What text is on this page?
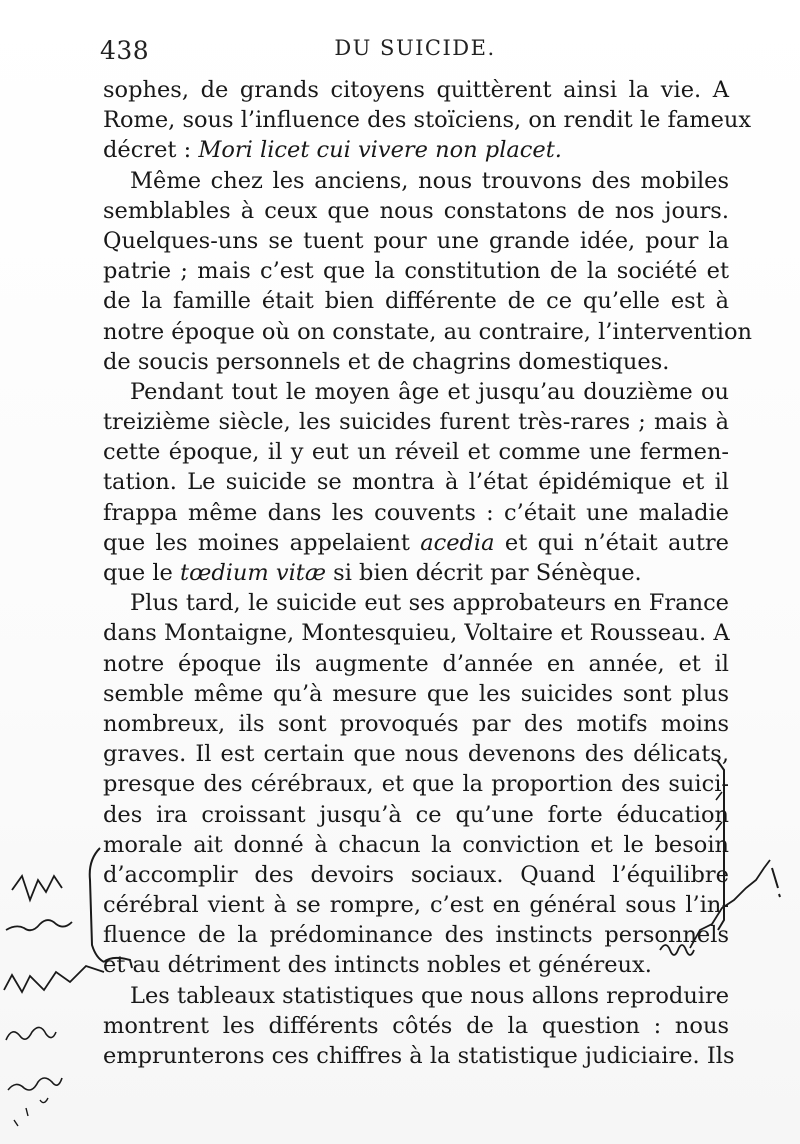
438	DU SUICIDE.
sophes, de grands citoyens quittèrent ainsi la vie. A
Rome, sous l’influence des stoïciens, on rendit le fameux
décret : Mori licet cui vivere non placet.
Même chez les anciens, nous trouvons des mobiles
semblables à ceux que nous constatons de nos jours.
Quelques-uns se tuent pour une grande idée, pour la
patrie ; mais c’est que la constitution de la société et
de la famille était bien différente de ce qu’elle est à
notre époque où on constate, au contraire, l’intervention
de soucis personnels et de chagrins domestiques.
Pendant tout le moyen âge et jusqu’au douzième ou
treizième siècle, les suicides furent très-rares ; mais à
cette époque, il y eut un réveil et comme une fermen-
tation. Le suicide se montra à l’état épidémique et il
frappa même dans les couvents : c’était une maladie
que les moines appelaient acedia et qui n’était autre
que le tœdium vitæ si bien décrit par Sénèque.
Plus tard, le suicide eut ses approbateurs en France
dans Montaigne, Montesquieu, Voltaire et Rousseau. A
notre époque ils augmente d’année en année, et il
semble même qu’à mesure que les suicides sont plus
nombreux, ils sont provoqués par des motifs moins
graves. Il est certain que nous devenons des délicats,
presque des cérébraux, et que la proportion des suici-
des ira croissant jusqu’à ce qu’une forte éducation
morale ait donné à chacun la conviction et le besoin
d’accomplir des devoirs sociaux. Quand l’équilibre
cérébral vient à se rompre, c’est en général sous l’in-
fluence de la prédominance des instincts personnels
et au détriment des intincts nobles et généreux.
Les tableaux statistiques que nous allons reproduire
montrent les différents côtés de la question : nous
emprunterons ces chiffres à la statistique judiciaire. Ils
